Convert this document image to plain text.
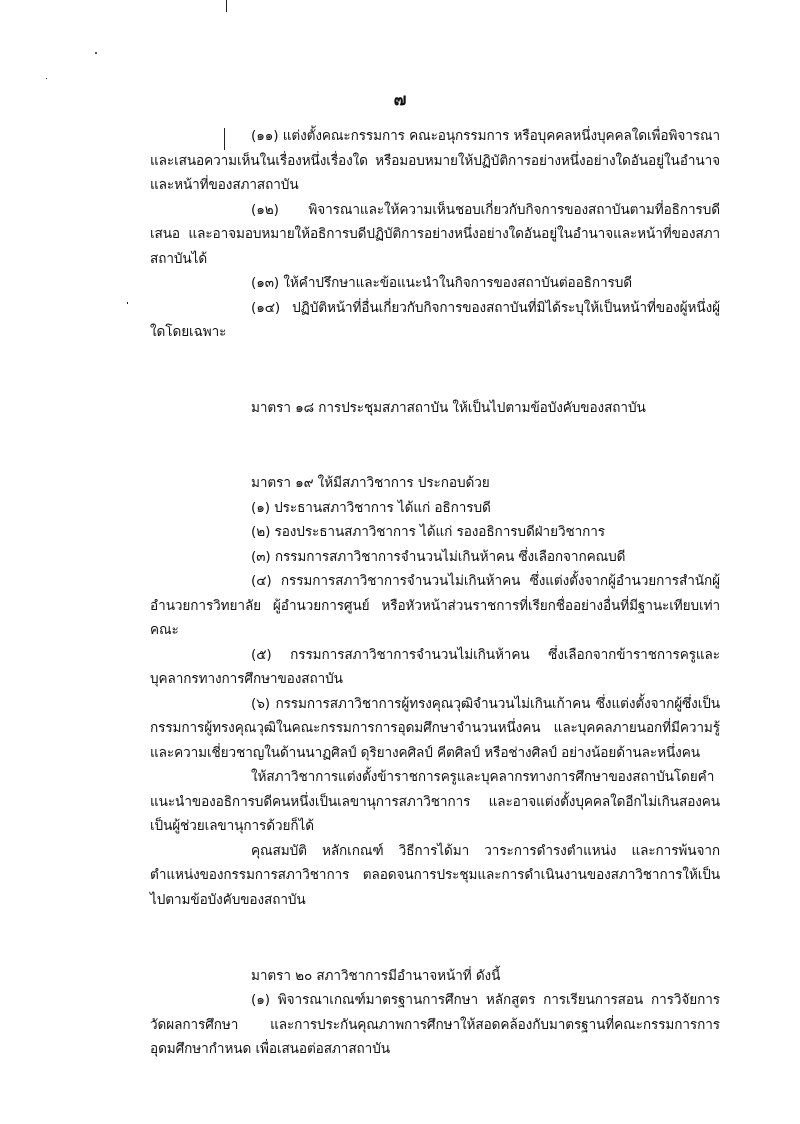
๗

(๑๑) แต่งตั้งคณะกรรมการ คณะอนุกรรมการ หรือบุคคลหนึ่งบุคคลใดเพื่อพิจารณาและเสนอความเห็นในเรื่องหนึ่งเรื่องใด หรือมอบหมายให้ปฏิบัติการอย่างหนึ่งอย่างใดอันอยู่ในอำนาจและหน้าที่ของสภาสถาบัน

(๑๒) พิจารณาและให้ความเห็นชอบเกี่ยวกับกิจการของสถาบันตามที่อธิการบดีเสนอ และอาจมอบหมายให้อธิการบดีปฏิบัติการอย่างหนึ่งอย่างใดอันอยู่ในอำนาจและหน้าที่ของสภาสถาบันได้

(๑๓) ให้คำปรึกษาและข้อแนะนำในกิจการของสถาบันต่ออธิการบดี

(๑๔) ปฏิบัติหน้าที่อื่นเกี่ยวกับกิจการของสถาบันที่มิได้ระบุให้เป็นหน้าที่ของผู้หนึ่งผู้ใดโดยเฉพาะ

มาตรา ๑๘ การประชุมสภาสถาบัน ให้เป็นไปตามข้อบังคับของสถาบัน

มาตรา ๑๙ ให้มีสภาวิชาการ ประกอบด้วย

(๑) ประธานสภาวิชาการ ได้แก่ อธิการบดี

(๒) รองประธานสภาวิชาการ ได้แก่ รองอธิการบดีฝ่ายวิชาการ

(๓) กรรมการสภาวิชาการจำนวนไม่เกินห้าคน ซึ่งเลือกจากคณบดี

(๔) กรรมการสภาวิชาการจำนวนไม่เกินห้าคน ซึ่งแต่งตั้งจากผู้อำนวยการสำนักผู้อำนวยการวิทยาลัย ผู้อำนวยการศูนย์ หรือหัวหน้าส่วนราชการที่เรียกชื่ออย่างอื่นที่มีฐานะเทียบเท่าคณะ

(๕) กรรมการสภาวิชาการจำนวนไม่เกินห้าคน ซึ่งเลือกจากข้าราชการครูและบุคลากรทางการศึกษาของสถาบัน

(๖) กรรมการสภาวิชาการผู้ทรงคุณวุฒิจำนวนไม่เกินเก้าคน ซึ่งแต่งตั้งจากผู้ซึ่งเป็นกรรมการผู้ทรงคุณวุฒิในคณะกรรมการการอุดมศึกษาจำนวนหนึ่งคน และบุคคลภายนอกที่มีความรู้และความเชี่ยวชาญในด้านนาฏศิลป์ ดุริยางคศิลป์ คีตศิลป์ หรือช่างศิลป์ อย่างน้อยด้านละหนึ่งคน

ให้สภาวิชาการแต่งตั้งข้าราชการครูและบุคลากรทางการศึกษาของสถาบันโดยคำแนะนำของอธิการบดีคนหนึ่งเป็นเลขานุการสภาวิชาการ และอาจแต่งตั้งบุคคลใดอีกไม่เกินสองคนเป็นผู้ช่วยเลขานุการด้วยก็ได้

คุณสมบัติ หลักเกณฑ์ วิธีการได้มา วาระการดำรงตำแหน่ง และการพ้นจากตำแหน่งของกรรมการสภาวิชาการ ตลอดจนการประชุมและการดำเนินงานของสภาวิชาการให้เป็นไปตามข้อบังคับของสถาบัน

มาตรา ๒๐ สภาวิชาการมีอำนาจหน้าที่ ดังนี้

(๑) พิจารณาเกณฑ์มาตรฐานการศึกษา หลักสูตร การเรียนการสอน การวิจัยการวัดผลการศึกษา และการประกันคุณภาพการศึกษาให้สอดคล้องกับมาตรฐานที่คณะกรรมการการอุดมศึกษากำหนด เพื่อเสนอต่อสภาสถาบัน
